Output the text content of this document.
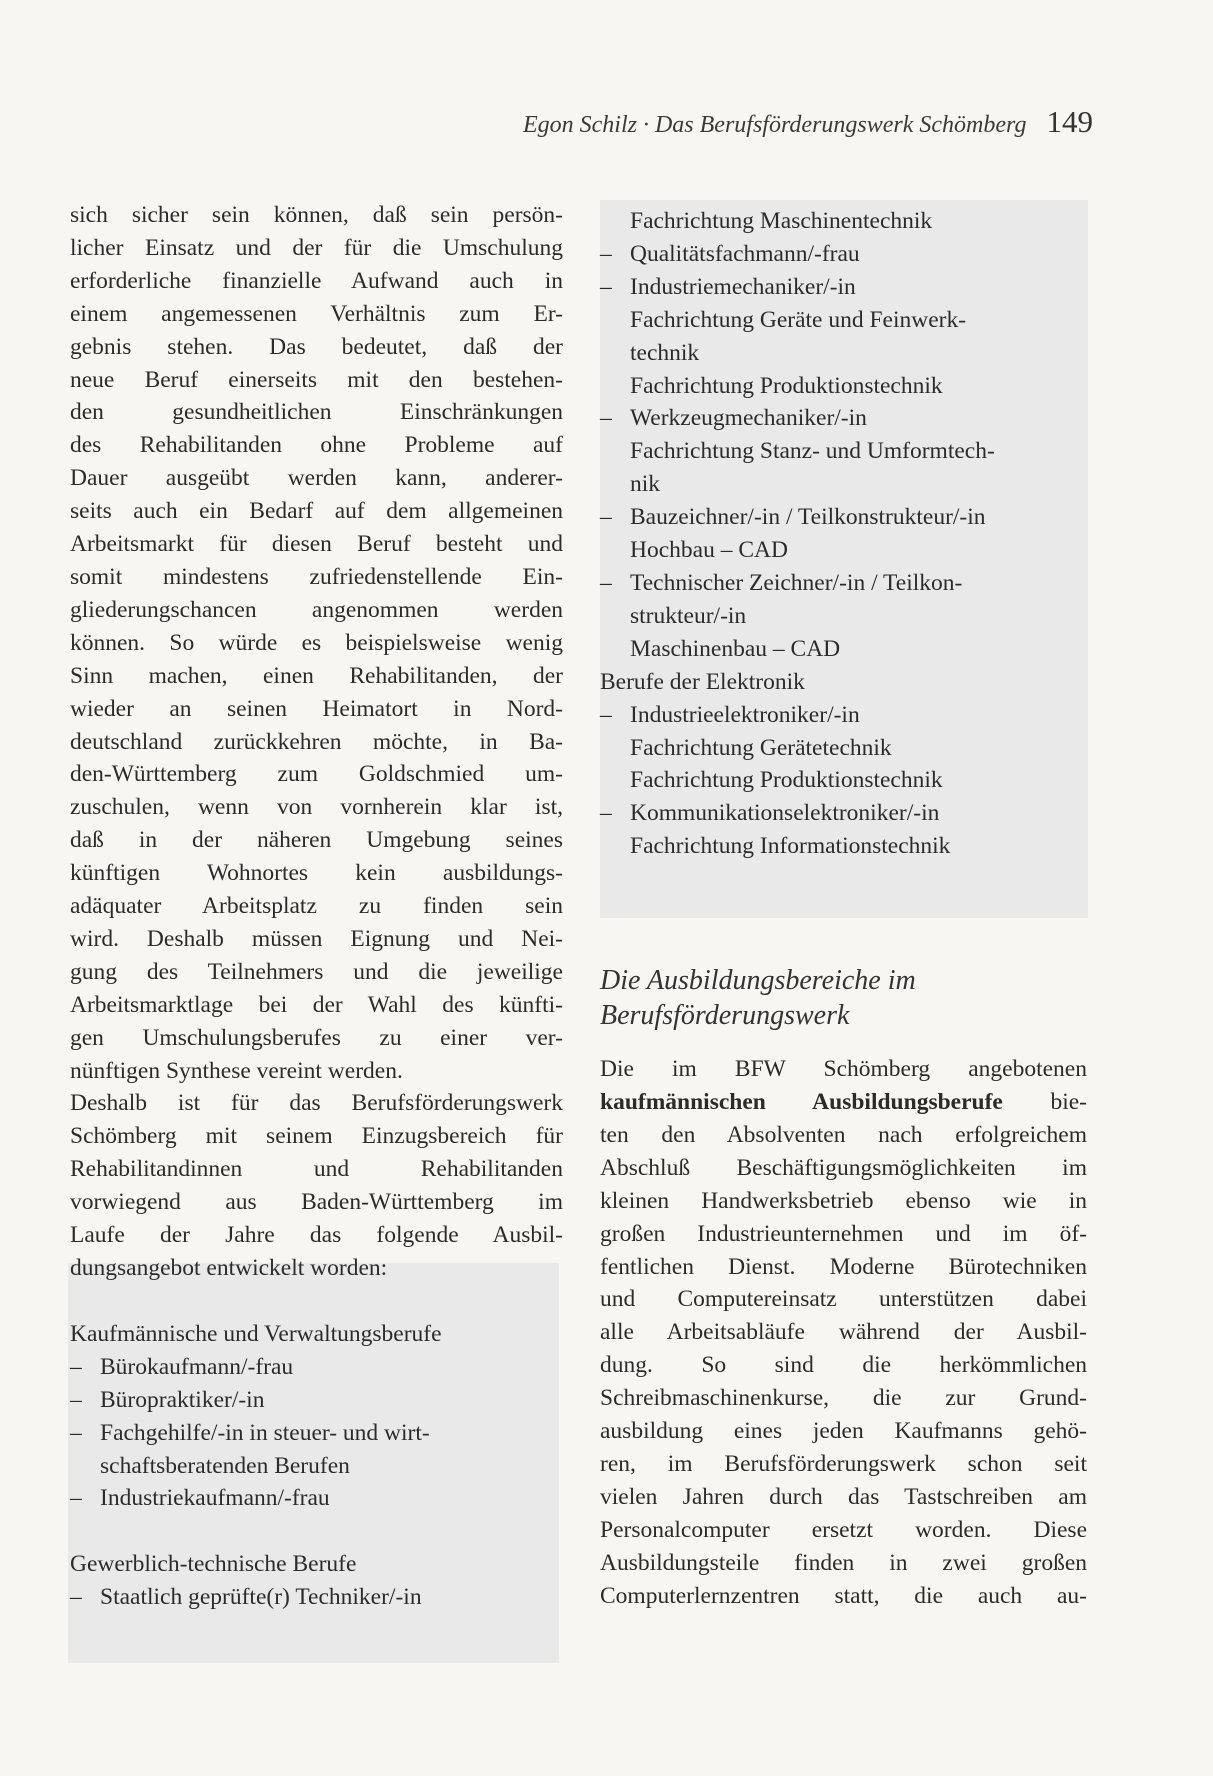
Egon Schilz · Das Berufsförderungswerk Schömberg 149
sich sicher sein können, daß sein persön-
licher Einsatz und der für die Umschulung
erforderliche finanzielle Aufwand auch in
einem angemessenen Verhältnis zum Er-
gebnis stehen. Das bedeutet, daß der
neue Beruf einerseits mit den bestehen-
den gesundheitlichen Einschränkungen
des Rehabilitanden ohne Probleme auf
Dauer ausgeübt werden kann, anderer-
seits auch ein Bedarf auf dem allgemeinen
Arbeitsmarkt für diesen Beruf besteht und
somit mindestens zufriedenstellende Ein-
gliederungschancen angenommen werden
können. So würde es beispielsweise wenig
Sinn machen, einen Rehabilitanden, der
wieder an seinen Heimatort in Nord-
deutschland zurückkehren möchte, in Ba-
den-Württemberg zum Goldschmied um-
zuschulen, wenn von vornherein klar ist,
daß in der näheren Umgebung seines
künftigen Wohnortes kein ausbildungs-
adäquater Arbeitsplatz zu finden sein
wird. Deshalb müssen Eignung und Nei-
gung des Teilnehmers und die jeweilige
Arbeitsmarktlage bei der Wahl des künfti-
gen Umschulungsberufes zu einer ver-
nünftigen Synthese vereint werden.
Deshalb ist für das Berufsförderungswerk
Schömberg mit seinem Einzugsbereich für
Rehabilitandinnen und Rehabilitanden
vorwiegend aus Baden-Württemberg im
Laufe der Jahre das folgende Ausbil-
dungsangebot entwickelt worden:
Kaufmännische und Verwaltungsberufe
– Bürokaufmann/-frau
– Büropraktiker/-in
– Fachgehilfe/-in in steuer- und wirt-
schaftsberatenden Berufen
– Industriekaufmann/-frau
Gewerblich-technische Berufe
– Staatlich geprüfte(r) Techniker/-in
Fachrichtung Maschinentechnik
– Qualitätsfachmann/-frau
– Industriemechaniker/-in
Fachrichtung Geräte und Feinwerk-
technik
Fachrichtung Produktionstechnik
– Werkzeugmechaniker/-in
Fachrichtung Stanz- und Umformtech-
nik
– Bauzeichner/-in / Teilkonstrukteur/-in
Hochbau – CAD
– Technischer Zeichner/-in / Teilkon-
strukteur/-in
Maschinenbau – CAD
Berufe der Elektronik
– Industrieelektroniker/-in
Fachrichtung Gerätetechnik
Fachrichtung Produktionstechnik
– Kommunikationselektroniker/-in
Fachrichtung Informationstechnik
Die Ausbildungsbereiche im
Berufsförderungswerk
Die im BFW Schömberg angebotenen
kaufmännischen Ausbildungsberufe bie-
ten den Absolventen nach erfolgreichem
Abschluß Beschäftigungsmöglichkeiten im
kleinen Handwerksbetrieb ebenso wie in
großen Industrieunternehmen und im öf-
fentlichen Dienst. Moderne Bürotechniken
und Computereinsatz unterstützen dabei
alle Arbeitsabläufe während der Ausbil-
dung. So sind die herkömmlichen
Schreibmaschinenkurse, die zur Grund-
ausbildung eines jeden Kaufmanns gehö-
ren, im Berufsförderungswerk schon seit
vielen Jahren durch das Tastschreiben am
Personalcomputer ersetzt worden. Diese
Ausbildungsteile finden in zwei großen
Computerlernzentren statt, die auch au-
